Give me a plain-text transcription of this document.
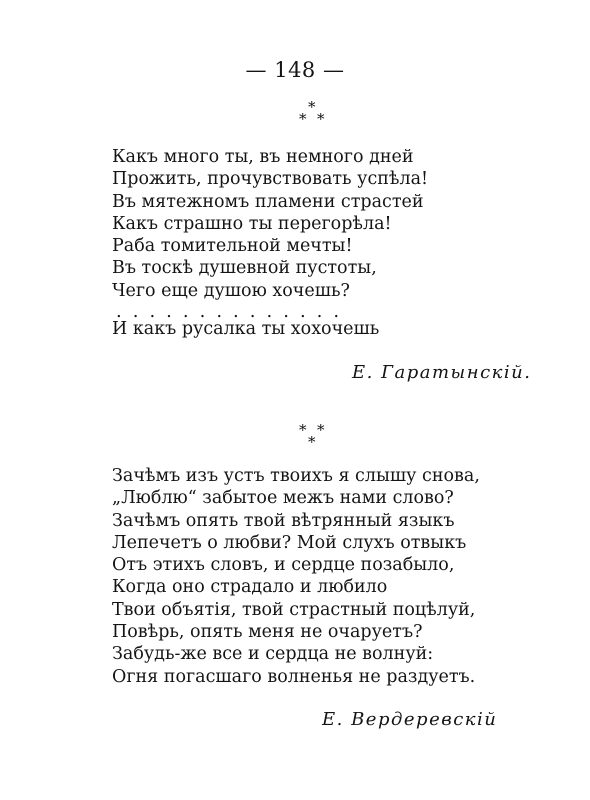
— 148 —
*
* *
Какъ много ты, въ немного дней
Прожить, прочувствовать успѣла!
Въ мятежномъ пламени страстей
Какъ страшно ты перегорѣла!
Раба томительной мечты!
Въ тоскѣ душевной пустоты,
Чего еще душою хочешь?
..............
И какъ русалка ты хохочешь
Е. Гаратынскій.
* *
*
Зачѣмъ изъ устъ твоихъ я слышу снова,
„Люблю“ забытое межъ нами слово?
Зачѣмъ опять твой вѣтрянный языкъ
Лепечетъ о любви? Мой слухъ отвыкъ
Отъ этихъ словъ, и сердце позабыло,
Когда оно страдало и любило
Твои объятія, твой страстный поцѣлуй,
Повѣрь, опять меня не очаруетъ?
Забудь-же все и сердца не волнуй:
Огня погасшаго волненья не раздуетъ.
Е. Вердеревскій
